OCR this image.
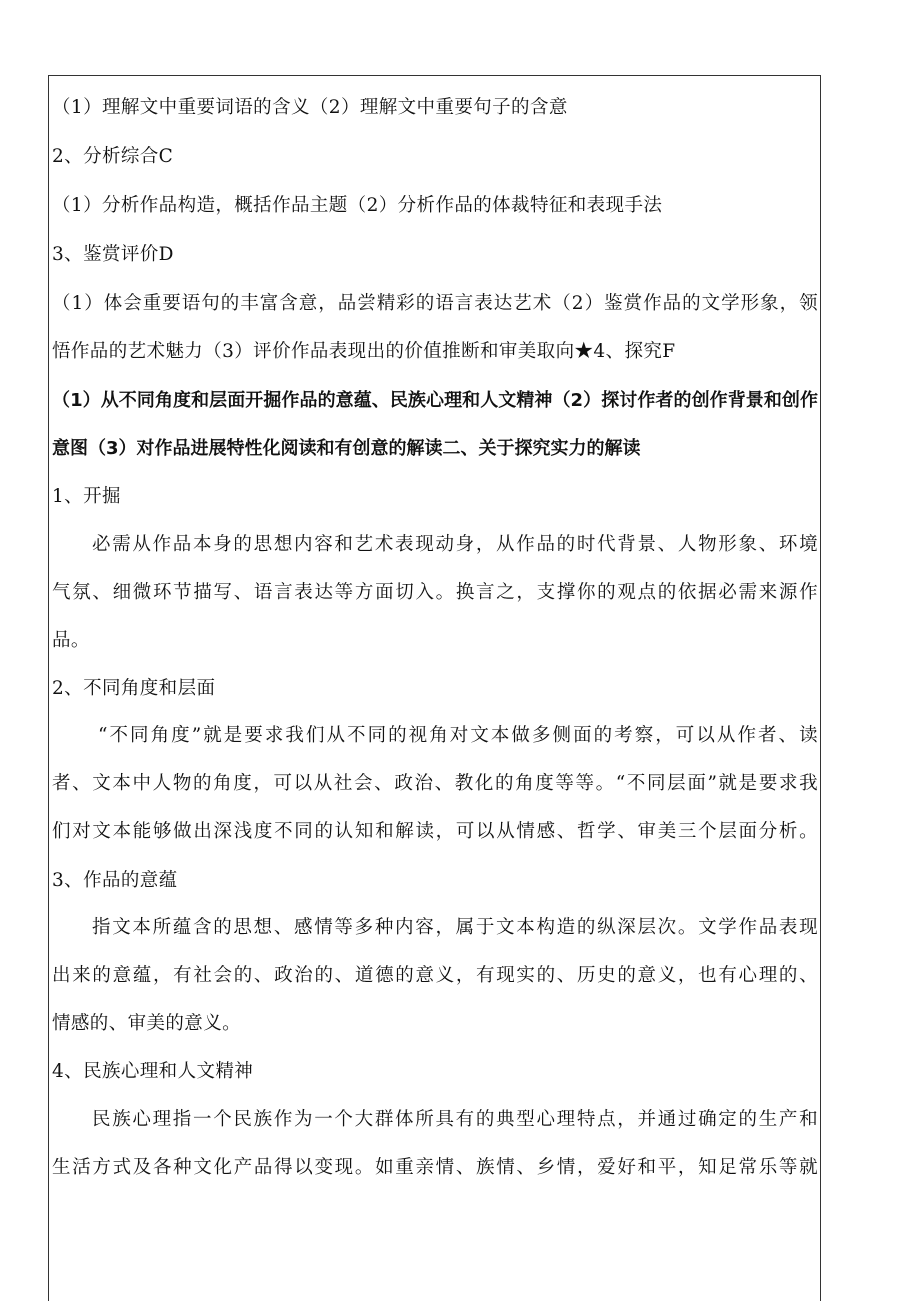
（1）理解文中重要词语的含义（2）理解文中重要句子的含意
2、分析综合C
（1）分析作品构造，概括作品主题（2）分析作品的体裁特征和表现手法
3、鉴赏评价D
（1）体会重要语句的丰富含意，品尝精彩的语言表达艺术（2）鉴赏作品的文学形象，领
悟作品的艺术魅力（3）评价作品表现出的价值推断和审美取向★4、探究F
（1）从不同角度和层面开掘作品的意蕴、民族心理和人文精神（2）探讨作者的创作背景和创作
意图（3）对作品进展特性化阅读和有创意的解读二、关于探究实力的解读
1、开掘
必需从作品本身的思想内容和艺术表现动身，从作品的时代背景、人物形象、环境
气氛、细微环节描写、语言表达等方面切入。换言之，支撑你的观点的依据必需来源作
品。
2、不同角度和层面
“不同角度”就是要求我们从不同的视角对文本做多侧面的考察，可以从作者、读
者、文本中人物的角度，可以从社会、政治、教化的角度等等。“不同层面”就是要求我
们对文本能够做出深浅度不同的认知和解读，可以从情感、哲学、审美三个层面分析。
3、作品的意蕴
指文本所蕴含的思想、感情等多种内容，属于文本构造的纵深层次。文学作品表现
出来的意蕴，有社会的、政治的、道德的意义，有现实的、历史的意义，也有心理的、
情感的、审美的意义。
4、民族心理和人文精神
民族心理指一个民族作为一个大群体所具有的典型心理特点，并通过确定的生产和
生活方式及各种文化产品得以变现。如重亲情、族情、乡情，爱好和平，知足常乐等就
